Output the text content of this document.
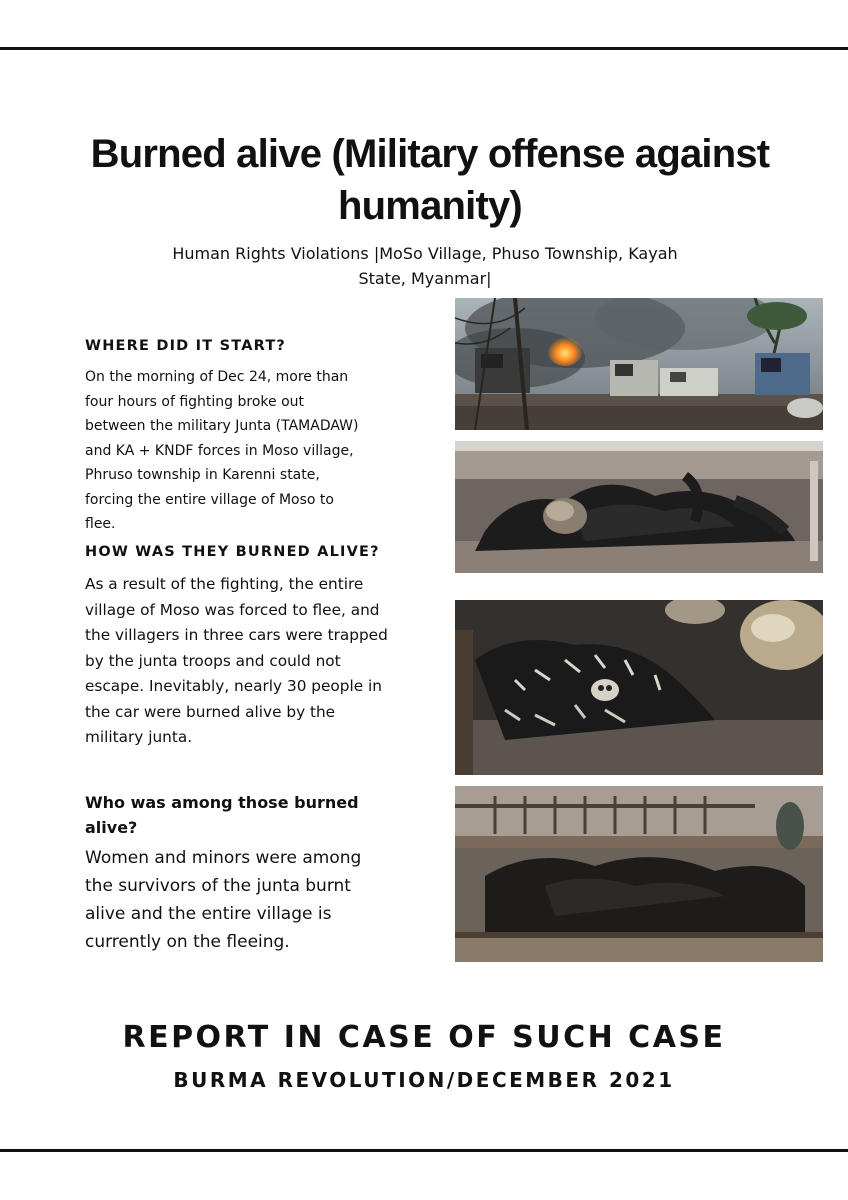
Burned alive (Military offense against humanity)
Human Rights Violations |MoSo Village, Phuso Township, Kayah
State, Myanmar|
WHERE DID IT START?

On the morning of Dec 24, more than
four hours of fighting broke out
between the military Junta (TAMADAW)
and KA + KNDF forces in Moso village,
Phruso township in Karenni state,
forcing the entire village of Moso to
flee.

HOW WAS THEY BURNED ALIVE?

As a result of the fighting, the entire
village of Moso was forced to flee, and
the villagers in three cars were trapped
by the junta troops and could not
escape. Inevitably, nearly 30 people in
the car were burned alive by the
military junta.

Who was among those burned
alive?

Women and minors were among
the survivors of the junta burnt
alive and the entire village is
currently on the fleeing.

REPORT IN CASE OF SUCH CASE
BURMA REVOLUTION/DECEMBER 2021
